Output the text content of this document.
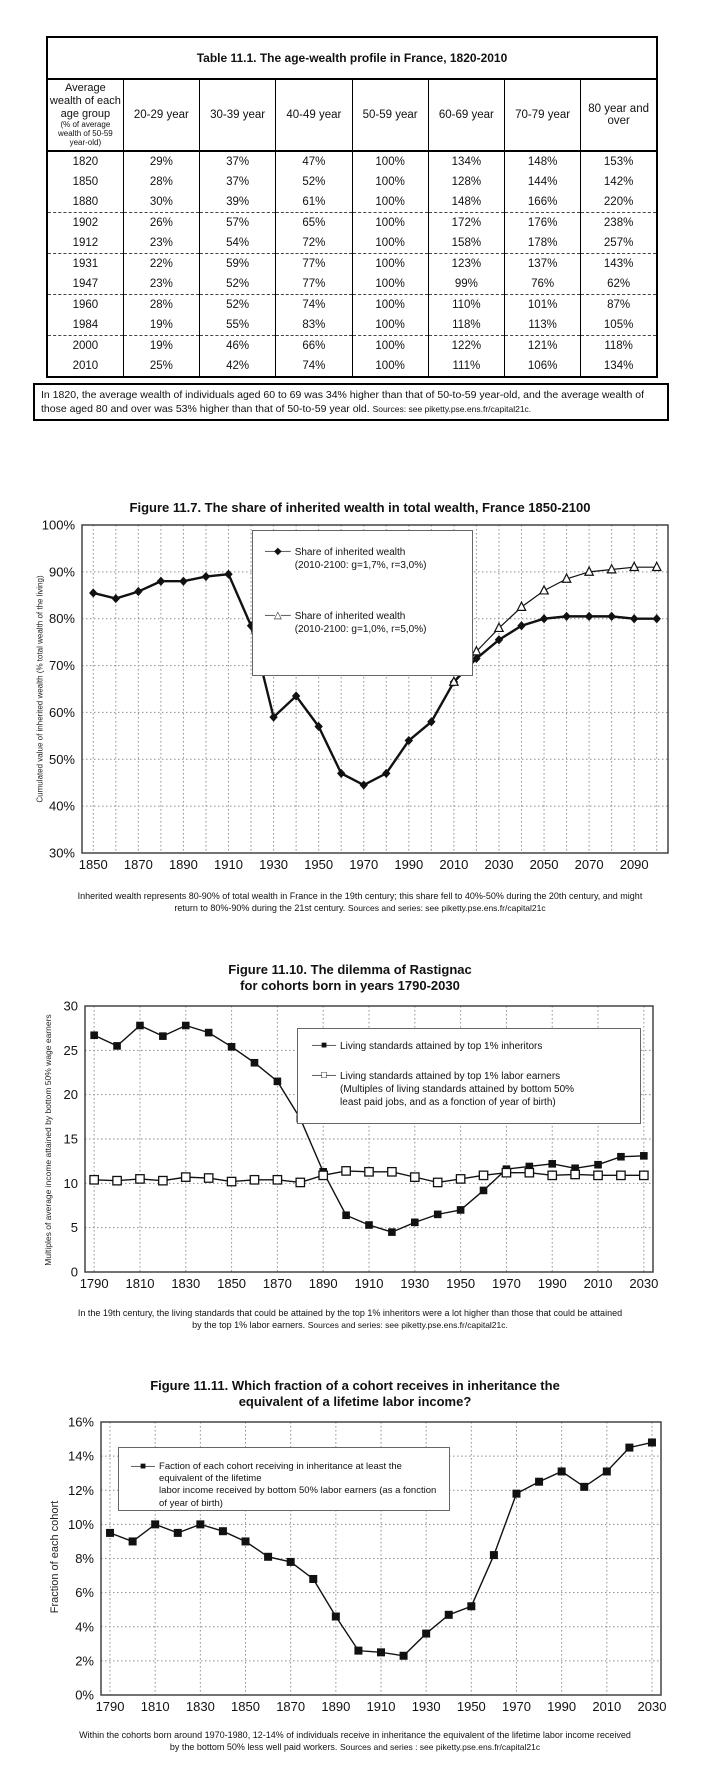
Table 11.1. The age-wealth profile in France, 1820-2010							

Average wealth of each age group
(% of average wealth of 50-59 year-old)	20-29 year	30-39 year	40-49 year	50-59 year	60-69 year	70-79 year	80 year and over
1820	29%	37%	47%	100%	134%	148%	153%
1850	28%	37%	52%	100%	128%	144%	142%
1880	30%	39%	61%	100%	148%	166%	220%
1902	26%	57%	65%	100%	172%	176%	238%
1912	23%	54%	72%	100%	158%	178%	257%
1931	22%	59%	77%	100%	123%	137%	143%
1947	23%	52%	77%	100%	99%	76%	62%
1960	28%	52%	74%	100%	110%	101%	87%
1984	19%	55%	83%	100%	118%	113%	105%
2000	19%	46%	66%	100%	122%	121%	118%
2010	25%	42%	74%	100%	111%	106%	134%
In 1820, the average wealth of individuals aged 60 to 69 was 34% higher than that of 50-to-59 year-old, and the average wealth of those aged 80 and over was 53% higher than that of 50-to-59 year old. Sources: see piketty.pse.ens.fr/capital21c.
Figure 11.7. The share of inherited wealth in total wealth, France 1850-2100
30%
40%
50%
60%
70%
80%
90%
100%
1850 1870 1890 1910 1930 1950 1970 1990 2010 2030 2050 2070 2090
Cumulated value of inherited wealth (% total wealth of the living)
—◆— Share of inherited wealth
(2010-2100: g=1,7%, r=3,0%)
—△— Share of inherited wealth
(2010-2100: g=1,0%, r=5,0%)
Inherited wealth represents 80-90% of total wealth in France in the 19th century; this share fell to 40%-50% during the 20th century, and might return to 80%-90% during the 21st century. Sources and series: see piketty.pse.ens.fr/capital21c
Figure 11.10. The dilemma of Rastignac
for cohorts born in years 1790-2030
0
5
10
15
20
25
30
1790 1810 1830 1850 1870 1890 1910 1930 1950 1970 1990 2010 2030
Multiples of average income attained by bottom 50% wage earners	—■— Living standards attained by top 1% inheritors
—□— Living standards attained by top 1% labor earners
(Multiples of living standards attained by bottom 50%
least paid jobs, and as a fonction of year of birth)
In the 19th century, the living standards that could be attained by the top 1% inheritors were a lot higher than those that could be attained by the top 1% labor earners. Sources and series: see piketty.pse.ens.fr/capital21c.
Figure 11.11. Which fraction of a cohort receives in inheritance the
equivalent of a lifetime labor income?
0%
2%
4%
6%
8%
10%
12%
14%
16%
1790 1810 1830 1850 1870 1890 1910 1930 1950 1970 1990 2010 2030
Fraction of each cohort
—■— Faction of each cohort receiving in inheritance at least the equivalent of the lifetime
labor income received by bottom 50% labor earners (as a fonction of year of birth)
Within the cohorts born around 1970-1980, 12-14% of individuals receive in inheritance the equivalent of the lifetime labor income received by the bottom 50% less well paid workers. Sources and series : see piketty.pse.ens.fr/capital21c
